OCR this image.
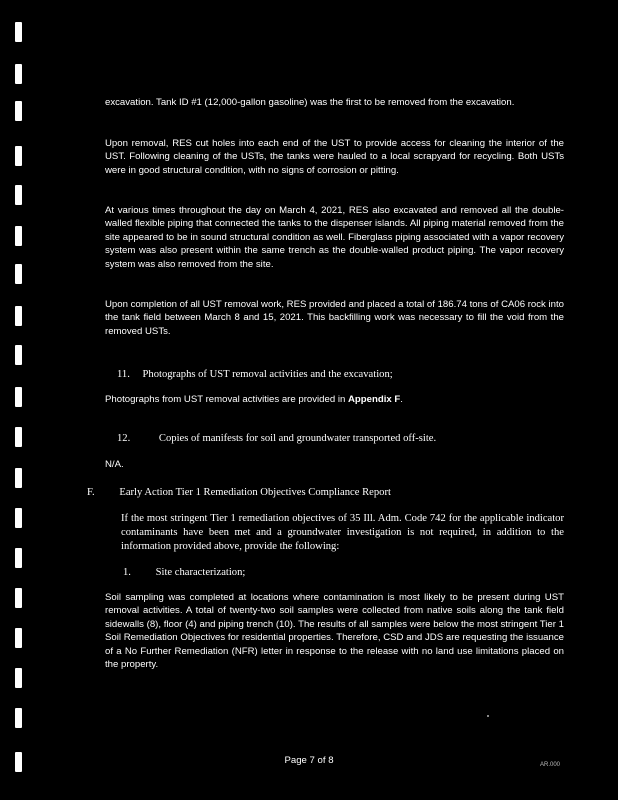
excavation. Tank ID #1 (12,000-gallon gasoline) was the first to be removed from the excavation.

Upon removal, RES cut holes into each end of the UST to provide access for cleaning the interior of the UST. Following cleaning of the USTs, the tanks were hauled to a local scrapyard for recycling. Both USTs were in good structural condition, with no signs of corrosion or pitting.

At various times throughout the day on March 4, 2021, RES also excavated and removed all the double-walled flexible piping that connected the tanks to the dispenser islands. All piping material removed from the site appeared to be in sound structural condition as well. Fiberglass piping associated with a vapor recovery system was also present within the same trench as the double-walled product piping. The vapor recovery system was also removed from the site.

Upon completion of all UST removal work, RES provided and placed a total of 186.74 tons of CA06 rock into the tank field between March 8 and 15, 2021. This backfilling work was necessary to fill the void from the removed USTs.

11. Photographs of UST removal activities and the excavation;

Photographs from UST removal activities are provided in Appendix F.

12.	Copies of manifests for soil and groundwater transported off-site.

N/A.

F. Early Action Tier 1 Remediation Objectives Compliance Report

If the most stringent Tier 1 remediation objectives of 35 Ill. Adm. Code 742 for the applicable indicator contaminants have been met and a groundwater investigation is not required, in addition to the information provided above, provide the following:

1. Site characterization;

Soil sampling was completed at locations where contamination is most likely to be present during UST removal activities. A total of twenty-two soil samples were collected from native soils along the tank field sidewalls (8), floor (4) and piping trench (10). The results of all samples were below the most stringent Tier 1 Soil Remediation Objectives for residential properties. Therefore, CSD and JDS are requesting the issuance of a No Further Remediation (NFR) letter in response to the release with no land use limitations placed on the property.

Page 7 of 8	AR.000
